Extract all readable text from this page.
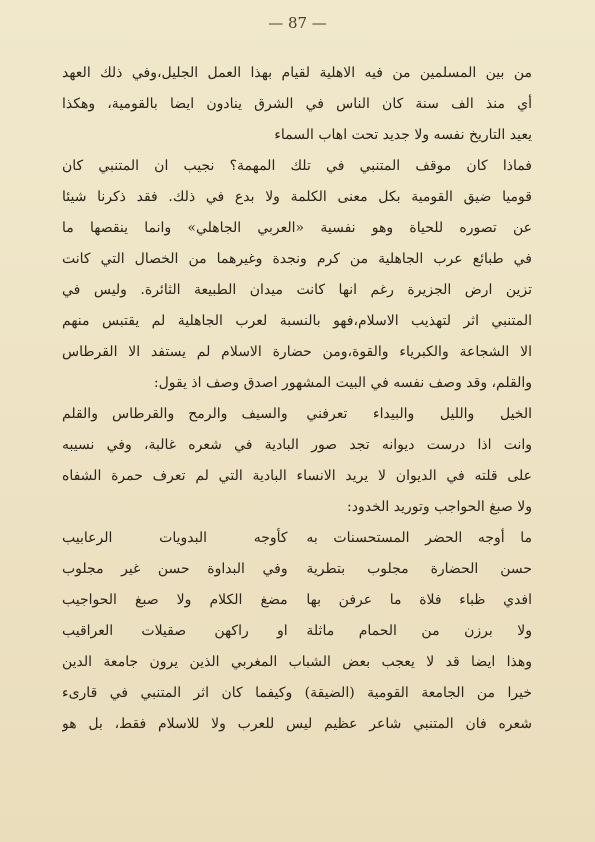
— 87 —
من بين المسلمين من فيه الاهلية لقيام بهذا العمل الجليل،وفي ذلك العهد
أي منذ الف سنة كان الناس في الشرق ينادون ايضا بالقومية، وهكذا
يعيد التاريخ نفسه ولا جديد تحت اهاب السماء
فماذا كان موقف المتنبي في تلك المهمة؟ نجيب ان المتنبي كان
قوميا ضيق القومية بكل معنى الكلمة ولا بدع في ذلك. فقد ذكرنا شيئا
عن تصوره للحياة وهو نفسية «العربي الجاهلي» وانما ينقصها ما
في طبائع عرب الجاهلية من كرم ونجدة وغيرهما من الخصال التي كانت
تزين ارض الجزيرة رغم انها كانت ميدان الطبيعة الثائرة. وليس في
المتنبي اثر لتهذيب الاسلام،فهو بالنسبة لعرب الجاهلية لم يقتبس منهم
الا الشجاعة والكبرياء والقوة،ومن حضارة الاسلام لم يستفد الا القرطاس
والقلم، وقد وصف نفسه في البيت المشهور اصدق وصف اذ يقول:
الخيل والليل والبيداء تعرفني
والسيف والرمح والقرطاس والقلم
وانت اذا درست ديوانه تجد صور البادية في شعره غالبة، وفي نسيبه
على قلته في الديوان لا يريد الانساء البادية التي لم تعرف حمرة الشفاه
ولا صبغ الحواجب وتوريد الخدود:
ما أوجه الحضر المستحسنات به
كأوجه البدويات الرعابيب
حسن الحضارة مجلوب بتطرية
وفي البداوة حسن غير مجلوب
افدي ظباء فلاة ما عرفن بها
مضغ الكلام ولا صبغ الحواجيب
ولا برزن من الحمام ماثلة
او راكهن صقيلات العراقيب
وهذا ايضا قد لا يعجب بعض الشباب المغربي الذين يرون جامعة الدين
خيرا من الجامعة القومية (الضيقة) وكيفما كان اثر المتنبي في قارىء
شعره فان المتنبي شاعر عظيم ليس للعرب ولا للاسلام فقط، بل هو
